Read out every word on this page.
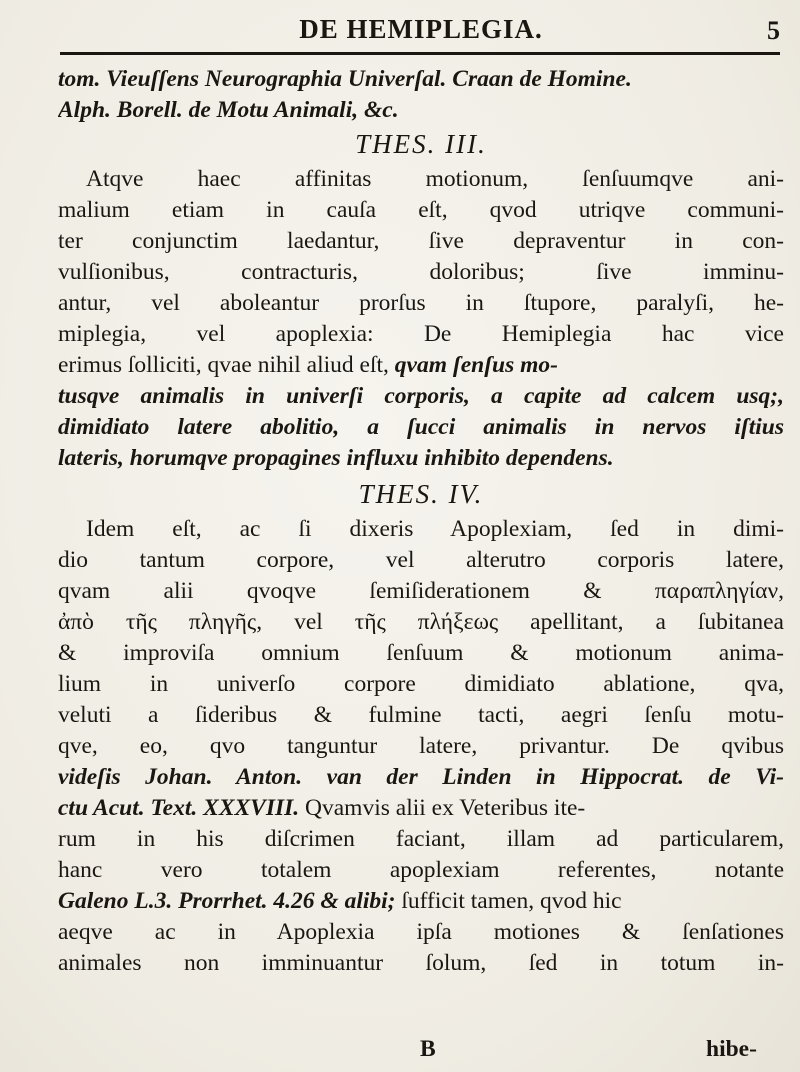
DE HEMIPLEGIA.	5
tom. Vieuſſens Neurographia Univerſal. Craan de Homine.
Alph. Borell. de Motu Animali, &c.
THES. III.
Atqve haec affinitas motionum, ſenſuumqve ani-
malium etiam in cauſa eſt, qvod utriqve communi-
ter conjunctim laedantur, ſive depraventur in con-
vulſionibus, contracturis, doloribus; ſive imminu-
antur, vel aboleantur prorſus in ſtupore, paralyſi, he-
miplegia, vel apoplexia: De Hemiplegia hac vice
erimus ſolliciti, qvae nihil aliud eſt, qvam ſenſus mo-
tusqve animalis in univerſi corporis, a capite ad calcem usq;,
dimidiato latere abolitio, a ſucci animalis in nervos iſtius
lateris, horumqve propagines influxu inhibito dependens.
THES. IV.
Idem eſt, ac ſi dixeris Apoplexiam, ſed in dimi-
dio tantum corpore, vel alterutro corporis latere,
qvam alii qvoqve ſemiſiderationem & παραπληγίαν,
ἀπὸ τῆς πληγῆς, vel τῆς πλήξεως apellitant, a ſubitanea
& improviſa omnium ſenſuum & motionum anima-
lium in univerſo corpore dimidiato ablatione, qva,
veluti a ſideribus & fulmine tacti, aegri ſenſu motu-
qve, eo, qvo tanguntur latere, privantur. De qvibus
videſis Johan. Anton. van der Linden in Hippocrat. de Vi-
ctu Acut. Text. XXXVIII. Qvamvis alii ex Veteribus ite-
rum in his diſcrimen faciant, illam ad particularem,
hanc vero totalem apoplexiam referentes, notante
Galeno L.3. Prorrhet. 4.26 & alibi; ſufficit tamen, qvod hic
aeqve ac in Apoplexia ipſa motiones & ſenſationes
animales non imminuantur ſolum, ſed in totum in-
B	hibe-
